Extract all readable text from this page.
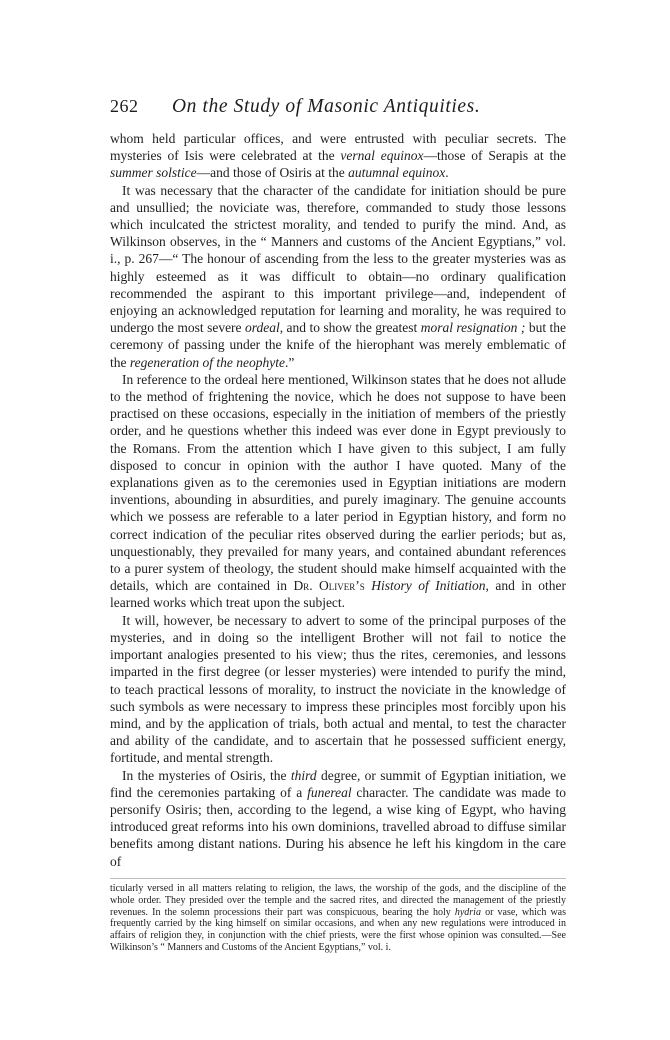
262 On the Study of Masonic Antiquities.

whom held particular offices, and were entrusted with peculiar secrets. The mysteries of Isis were celebrated at the vernal equinox—those of Serapis at the summer solstice—and those of Osiris at the autumnal equinox.

It was necessary that the character of the candidate for initiation should be pure and unsullied; the noviciate was, therefore, commanded to study those lessons which inculcated the strictest morality, and tended to purify the mind. And, as Wilkinson observes, in the “ Manners and customs of the Ancient Egyptians,” vol. i., p. 267—“ The honour of ascending from the less to the greater mysteries was as highly esteemed as it was difficult to obtain—no ordinary qualification recommended the aspirant to this important privilege—and, independent of enjoying an acknowledged reputation for learning and morality, he was required to undergo the most severe ordeal, and to show the greatest moral resignation ; but the ceremony of passing under the knife of the hierophant was merely emblematic of the regeneration of the neophyte.”

In reference to the ordeal here mentioned, Wilkinson states that he does not allude to the method of frightening the novice, which he does not suppose to have been practised on these occasions, especially in the initiation of members of the priestly order, and he questions whether this indeed was ever done in Egypt previously to the Romans. From the attention which I have given to this subject, I am fully disposed to concur in opinion with the author I have quoted. Many of the explanations given as to the ceremonies used in Egyptian initiations are modern inventions, abounding in absurdities, and purely imaginary. The genuine accounts which we possess are referable to a later period in Egyptian history, and form no correct indication of the peculiar rites observed during the earlier periods; but as, unquestionably, they prevailed for many years, and contained abundant references to a purer system of theology, the student should make himself acquainted with the details, which are contained in Dr. Oliver’s History of Initiation, and in other learned works which treat upon the subject.

It will, however, be necessary to advert to some of the principal purposes of the mysteries, and in doing so the intelligent Brother will not fail to notice the important analogies presented to his view; thus the rites, ceremonies, and lessons imparted in the first degree (or lesser mysteries) were intended to purify the mind, to teach practical lessons of morality, to instruct the noviciate in the knowledge of such symbols as were necessary to impress these principles most forcibly upon his mind, and by the application of trials, both actual and mental, to test the character and ability of the candidate, and to ascertain that he possessed sufficient energy, fortitude, and mental strength.

In the mysteries of Osiris, the third degree, or summit of Egyptian initiation, we find the ceremonies partaking of a funereal character. The candidate was made to personify Osiris; then, according to the legend, a wise king of Egypt, who having introduced great reforms into his own dominions, travelled abroad to diffuse similar benefits among distant nations. During his absence he left his kingdom in the care of

ticularly versed in all matters relating to religion, the laws, the worship of the gods, and the discipline of the whole order. They presided over the temple and the sacred rites, and directed the management of the priestly revenues. In the solemn processions their part was conspicuous, bearing the holy hydria or vase, which was frequently carried by the king himself on similar occasions, and when any new regulations were introduced in affairs of religion they, in conjunction with the chief priests, were the first whose opinion was consulted.—See Wilkinson’s “ Manners and Customs of the Ancient Egyptians,” vol. i.
